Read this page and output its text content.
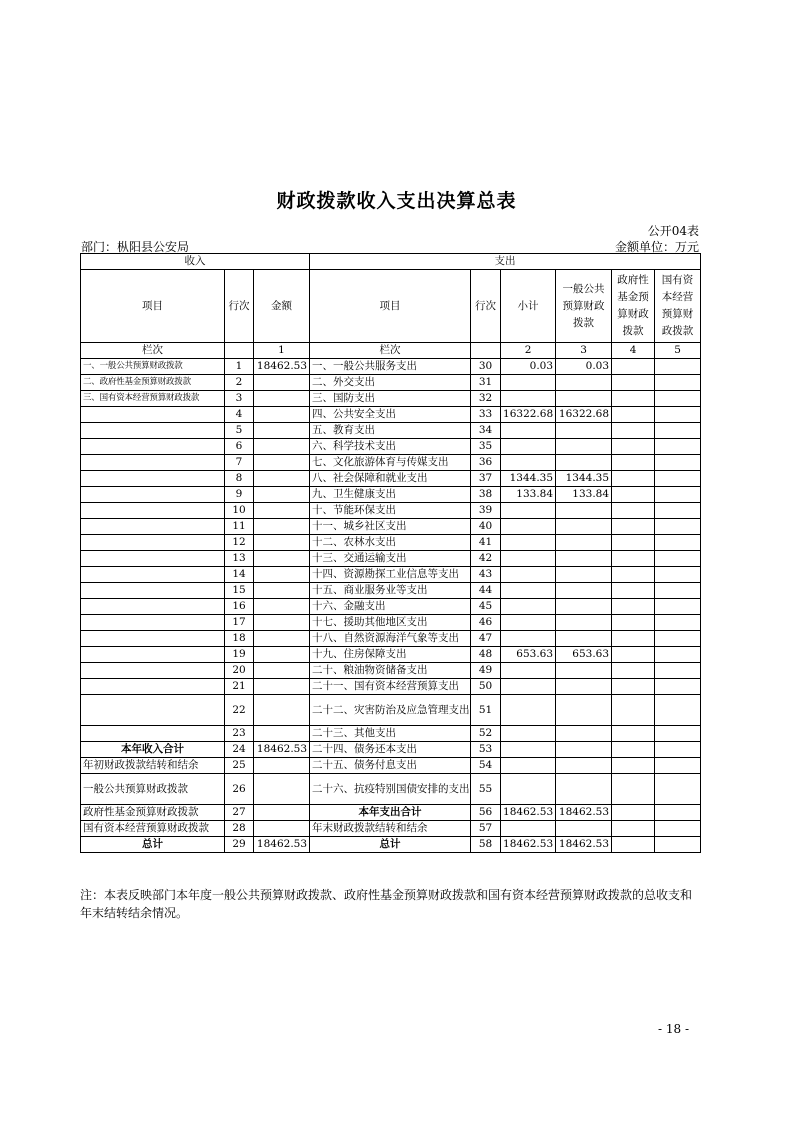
财政拨款收入支出决算总表
公开04表
部门：枞阳县公安局	金额单位：万元
收入			支出					
项目	行次	金额	项目	行次	小计	一般公共预算财政拨款	政府性基金预算财政拨款	国有资本经营预算财政拨款
栏次		1	栏次		2	3	4	5
一、一般公共预算财政拨款	1	18462.53	一、一般公共服务支出	30	0.03	0.03		
二、政府性基金预算财政拨款	2		二、外交支出	31				
三、国有资本经营预算财政拨款	3		三、国防支出	32				
	4		四、公共安全支出	33	16322.68	16322.68		
	5		五、教育支出	34				
	6		六、科学技术支出	35				
	7		七、文化旅游体育与传媒支出	36				
	8		八、社会保障和就业支出	37	1344.35	1344.35		
	9		九、卫生健康支出	38	133.84	133.84		
	10		十、节能环保支出	39				
	11		十一、城乡社区支出	40				
	12		十二、农林水支出	41				
	13		十三、交通运输支出	42				
	14		十四、资源勘探工业信息等支出	43				
	15		十五、商业服务业等支出	44				
	16		十六、金融支出	45				
	17		十七、援助其他地区支出	46				
	18		十八、自然资源海洋气象等支出	47				
	19		十九、住房保障支出	48	653.63	653.63		
	20		二十、粮油物资储备支出	49				
	21		二十一、国有资本经营预算支出	50				
	22		二十二、灾害防治及应急管理支出	51				
	23		二十三、其他支出	52				
本年收入合计	24	18462.53	二十四、债务还本支出	53				
年初财政拨款结转和结余	25		二十五、债务付息支出	54				
一般公共预算财政拨款	26		二十六、抗疫特别国债安排的支出	55				
政府性基金预算财政拨款	27		本年支出合计	56	18462.53	18462.53		
国有资本经营预算财政拨款	28		年末财政拨款结转和结余	57				
总计	29	18462.53	总计	58	18462.53	18462.53		
注：本表反映部门本年度一般公共预算财政拨款、政府性基金预算财政拨款和国有资本经营预算财政拨款的总收支和年末结转结余情况。
- 18 -
